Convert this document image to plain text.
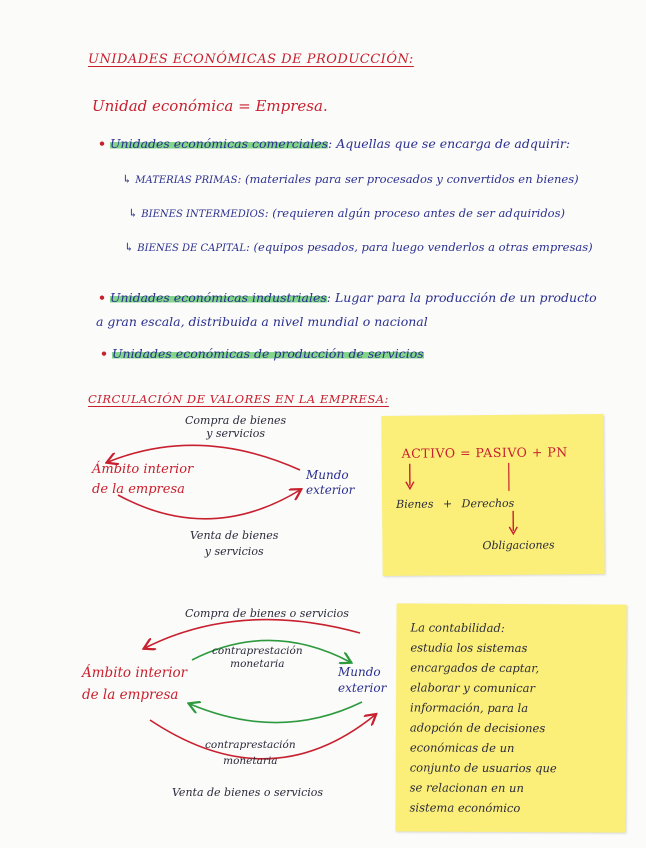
UNIDADES ECONÓMICAS DE PRODUCCIÓN:
Unidad económica = Empresa.
• Unidades económicas comerciales: Aquellas que se encarga de adquirir:
↳ MATERIAS PRIMAS: (materiales para ser procesados y convertidos en bienes)
↳ BIENES INTERMEDIOS: (requieren algún proceso antes de ser adquiridos)
↳ BIENES DE CAPITAL: (equipos pesados, para luego venderlos a otras empresas)
• Unidades económicas industriales: Lugar para la producción de un producto
a gran escala, distribuida a nivel mundial o nacional
• Unidades económicas de producción de servicios
CIRCULACIÓN DE VALORES EN LA EMPRESA:
Compra de bienes
y servicios
Ámbito interior
de la empresa
Mundo
exterior
Venta de bienes
y servicios
ACTIVO = PASIVO + PN
Bienes + Derechos
Obligaciones
Compra de bienes o servicios
Ámbito interior
de la empresa
contraprestación
monetaria
Mundo
exterior
contraprestación
monetaria
Venta de bienes o servicios
La contabilidad:
estudia los sistemas
encargados de captar,
elaborar y comunicar
información, para la
adopción de decisiones
económicas de un
conjunto de usuarios que
se relacionan en un
sistema económico
